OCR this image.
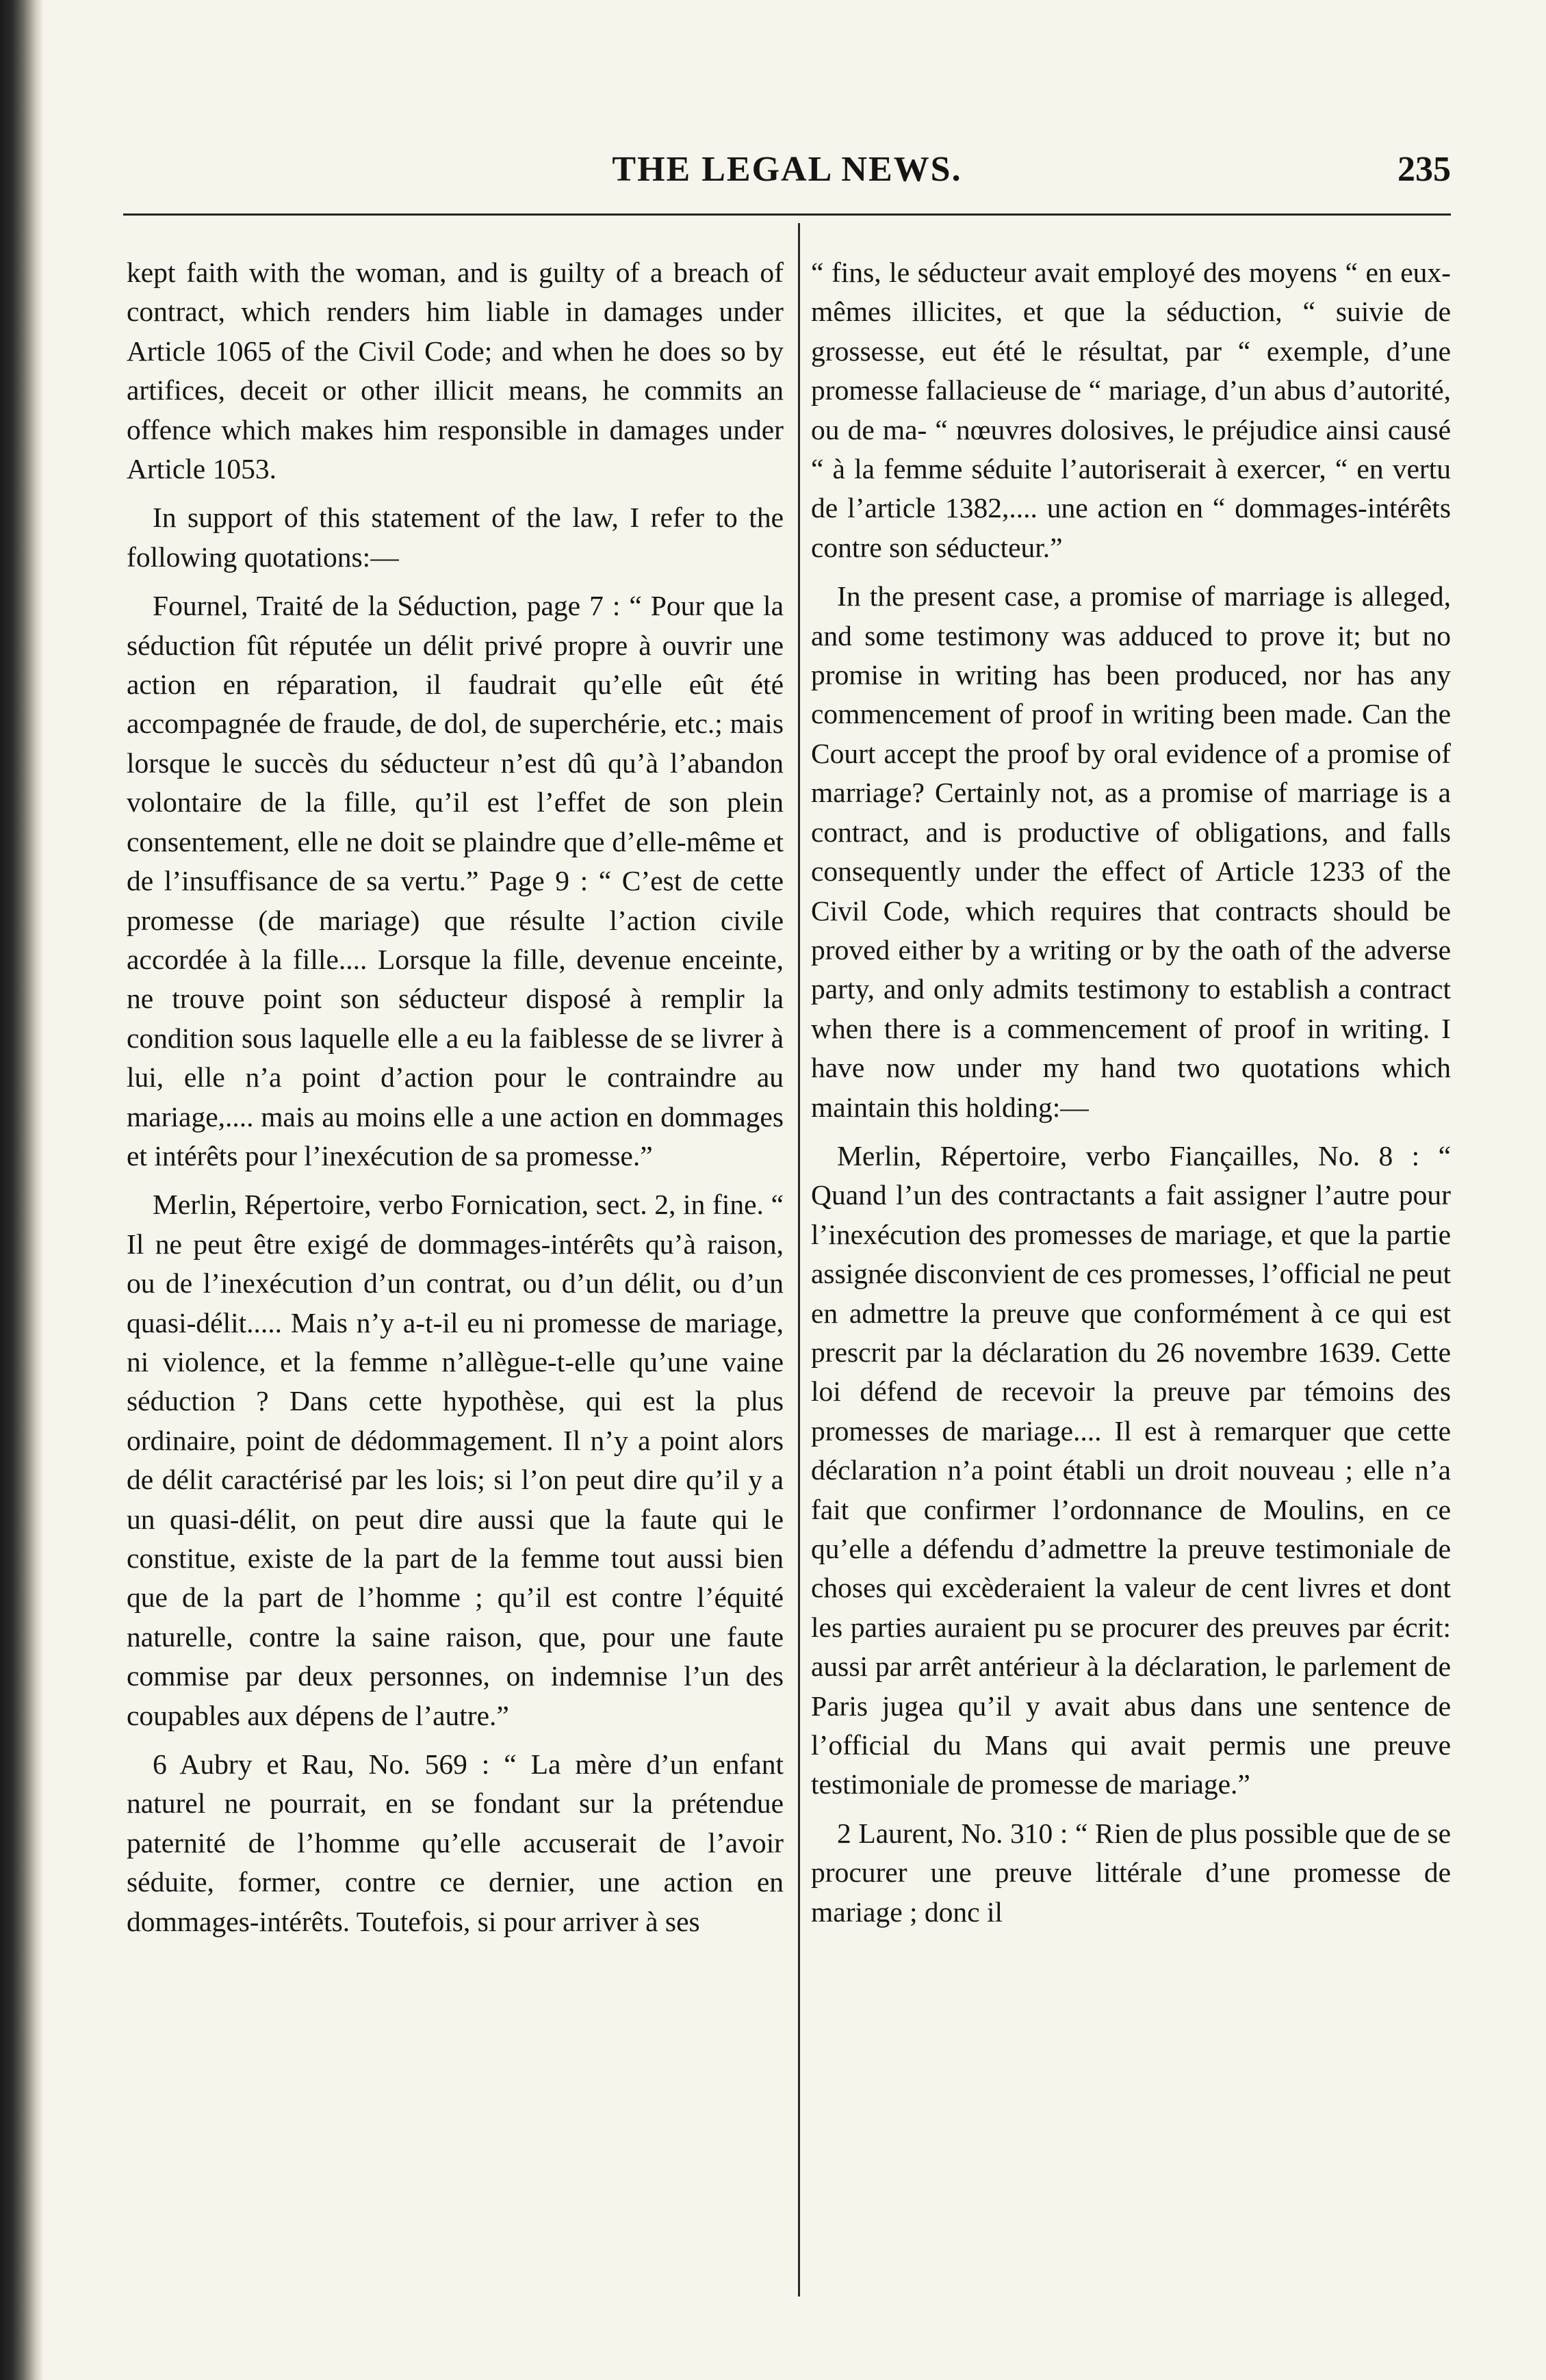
THE LEGAL NEWS.	235

kept faith with the woman, and is guilty of a breach of contract, which renders him liable in damages under Article 1065 of the Civil Code; and when he does so by artifices, deceit or other illicit means, he commits an offence which makes him responsible in damages under Article 1053.

In support of this statement of the law, I refer to the following quotations:—

Fournel, Traité de la Séduction, page 7 : “ Pour que la séduction fût réputée un délit privé propre à ouvrir une action en réparation, il faudrait qu’elle eût été accompagnée de fraude, de dol, de superchérie, etc.; mais lorsque le succès du séducteur n’est dû qu’à l’abandon volontaire de la fille, qu’il est l’effet de son plein consentement, elle ne doit se plaindre que d’elle-même et de l’insuffisance de sa vertu.” Page 9 : “ C’est de cette promesse (de mariage) que résulte l’action civile accordée à la fille.... Lorsque la fille, devenue enceinte, ne trouve point son séducteur disposé à remplir la condition sous laquelle elle a eu la faiblesse de se livrer à lui, elle n’a point d’action pour le contraindre au mariage,.... mais au moins elle a une action en dommages et intérêts pour l’inexécution de sa promesse.”

Merlin, Répertoire, verbo Fornication, sect. 2, in fine. “ Il ne peut être exigé de dommages-intérêts qu’à raison, ou de l’inexécution d’un contrat, ou d’un délit, ou d’un quasi-délit..... Mais n’y a-t-il eu ni promesse de mariage, ni violence, et la femme n’allègue-t-elle qu’une vaine séduction ? Dans cette hypothèse, qui est la plus ordinaire, point de dédommagement. Il n’y a point alors de délit caractérisé par les lois; si l’on peut dire qu’il y a un quasi-délit, on peut dire aussi que la faute qui le constitue, existe de la part de la femme tout aussi bien que de la part de l’homme ; qu’il est contre l’équité naturelle, contre la saine raison, que, pour une faute commise par deux personnes, on indemnise l’un des coupables aux dépens de l’autre.”

6 Aubry et Rau, No. 569 : “ La mère d’un enfant naturel ne pourrait, en se fondant sur la prétendue paternité de l’homme qu’elle accuserait de l’avoir séduite, former, contre ce dernier, une action en dommages-intérêts. Toutefois, si pour arriver à ses

“ fins, le séducteur avait employé des moyens “ en eux-mêmes illicites, et que la séduction, “ suivie de grossesse, eut été le résultat, par “ exemple, d’une promesse fallacieuse de “ mariage, d’un abus d’autorité, ou de ma- “ nœuvres dolosives, le préjudice ainsi causé “ à la femme séduite l’autoriserait à exercer, “ en vertu de l’article 1382,.... une action en “ dommages-intérêts contre son séducteur.”

In the present case, a promise of marriage is alleged, and some testimony was adduced to prove it; but no promise in writing has been produced, nor has any commencement of proof in writing been made. Can the Court accept the proof by oral evidence of a promise of marriage? Certainly not, as a promise of marriage is a contract, and is productive of obligations, and falls consequently under the effect of Article 1233 of the Civil Code, which requires that contracts should be proved either by a writing or by the oath of the adverse party, and only admits testimony to establish a contract when there is a commencement of proof in writing. I have now under my hand two quotations which maintain this holding:—

Merlin, Répertoire, verbo Fiançailles, No. 8 : “ Quand l’un des contractants a fait assigner l’autre pour l’inexécution des promesses de mariage, et que la partie assignée disconvient de ces promesses, l’official ne peut en admettre la preuve que conformément à ce qui est prescrit par la déclaration du 26 novembre 1639. Cette loi défend de recevoir la preuve par témoins des promesses de mariage.... Il est à remarquer que cette déclaration n’a point établi un droit nouveau ; elle n’a fait que confirmer l’ordonnance de Moulins, en ce qu’elle a défendu d’admettre la preuve testimoniale de choses qui excèderaient la valeur de cent livres et dont les parties auraient pu se procurer des preuves par écrit: aussi par arrêt antérieur à la déclaration, le parlement de Paris jugea qu’il y avait abus dans une sentence de l’official du Mans qui avait permis une preuve testimoniale de promesse de mariage.”

2 Laurent, No. 310 : “ Rien de plus possible que de se procurer une preuve littérale d’une promesse de mariage ; donc il
